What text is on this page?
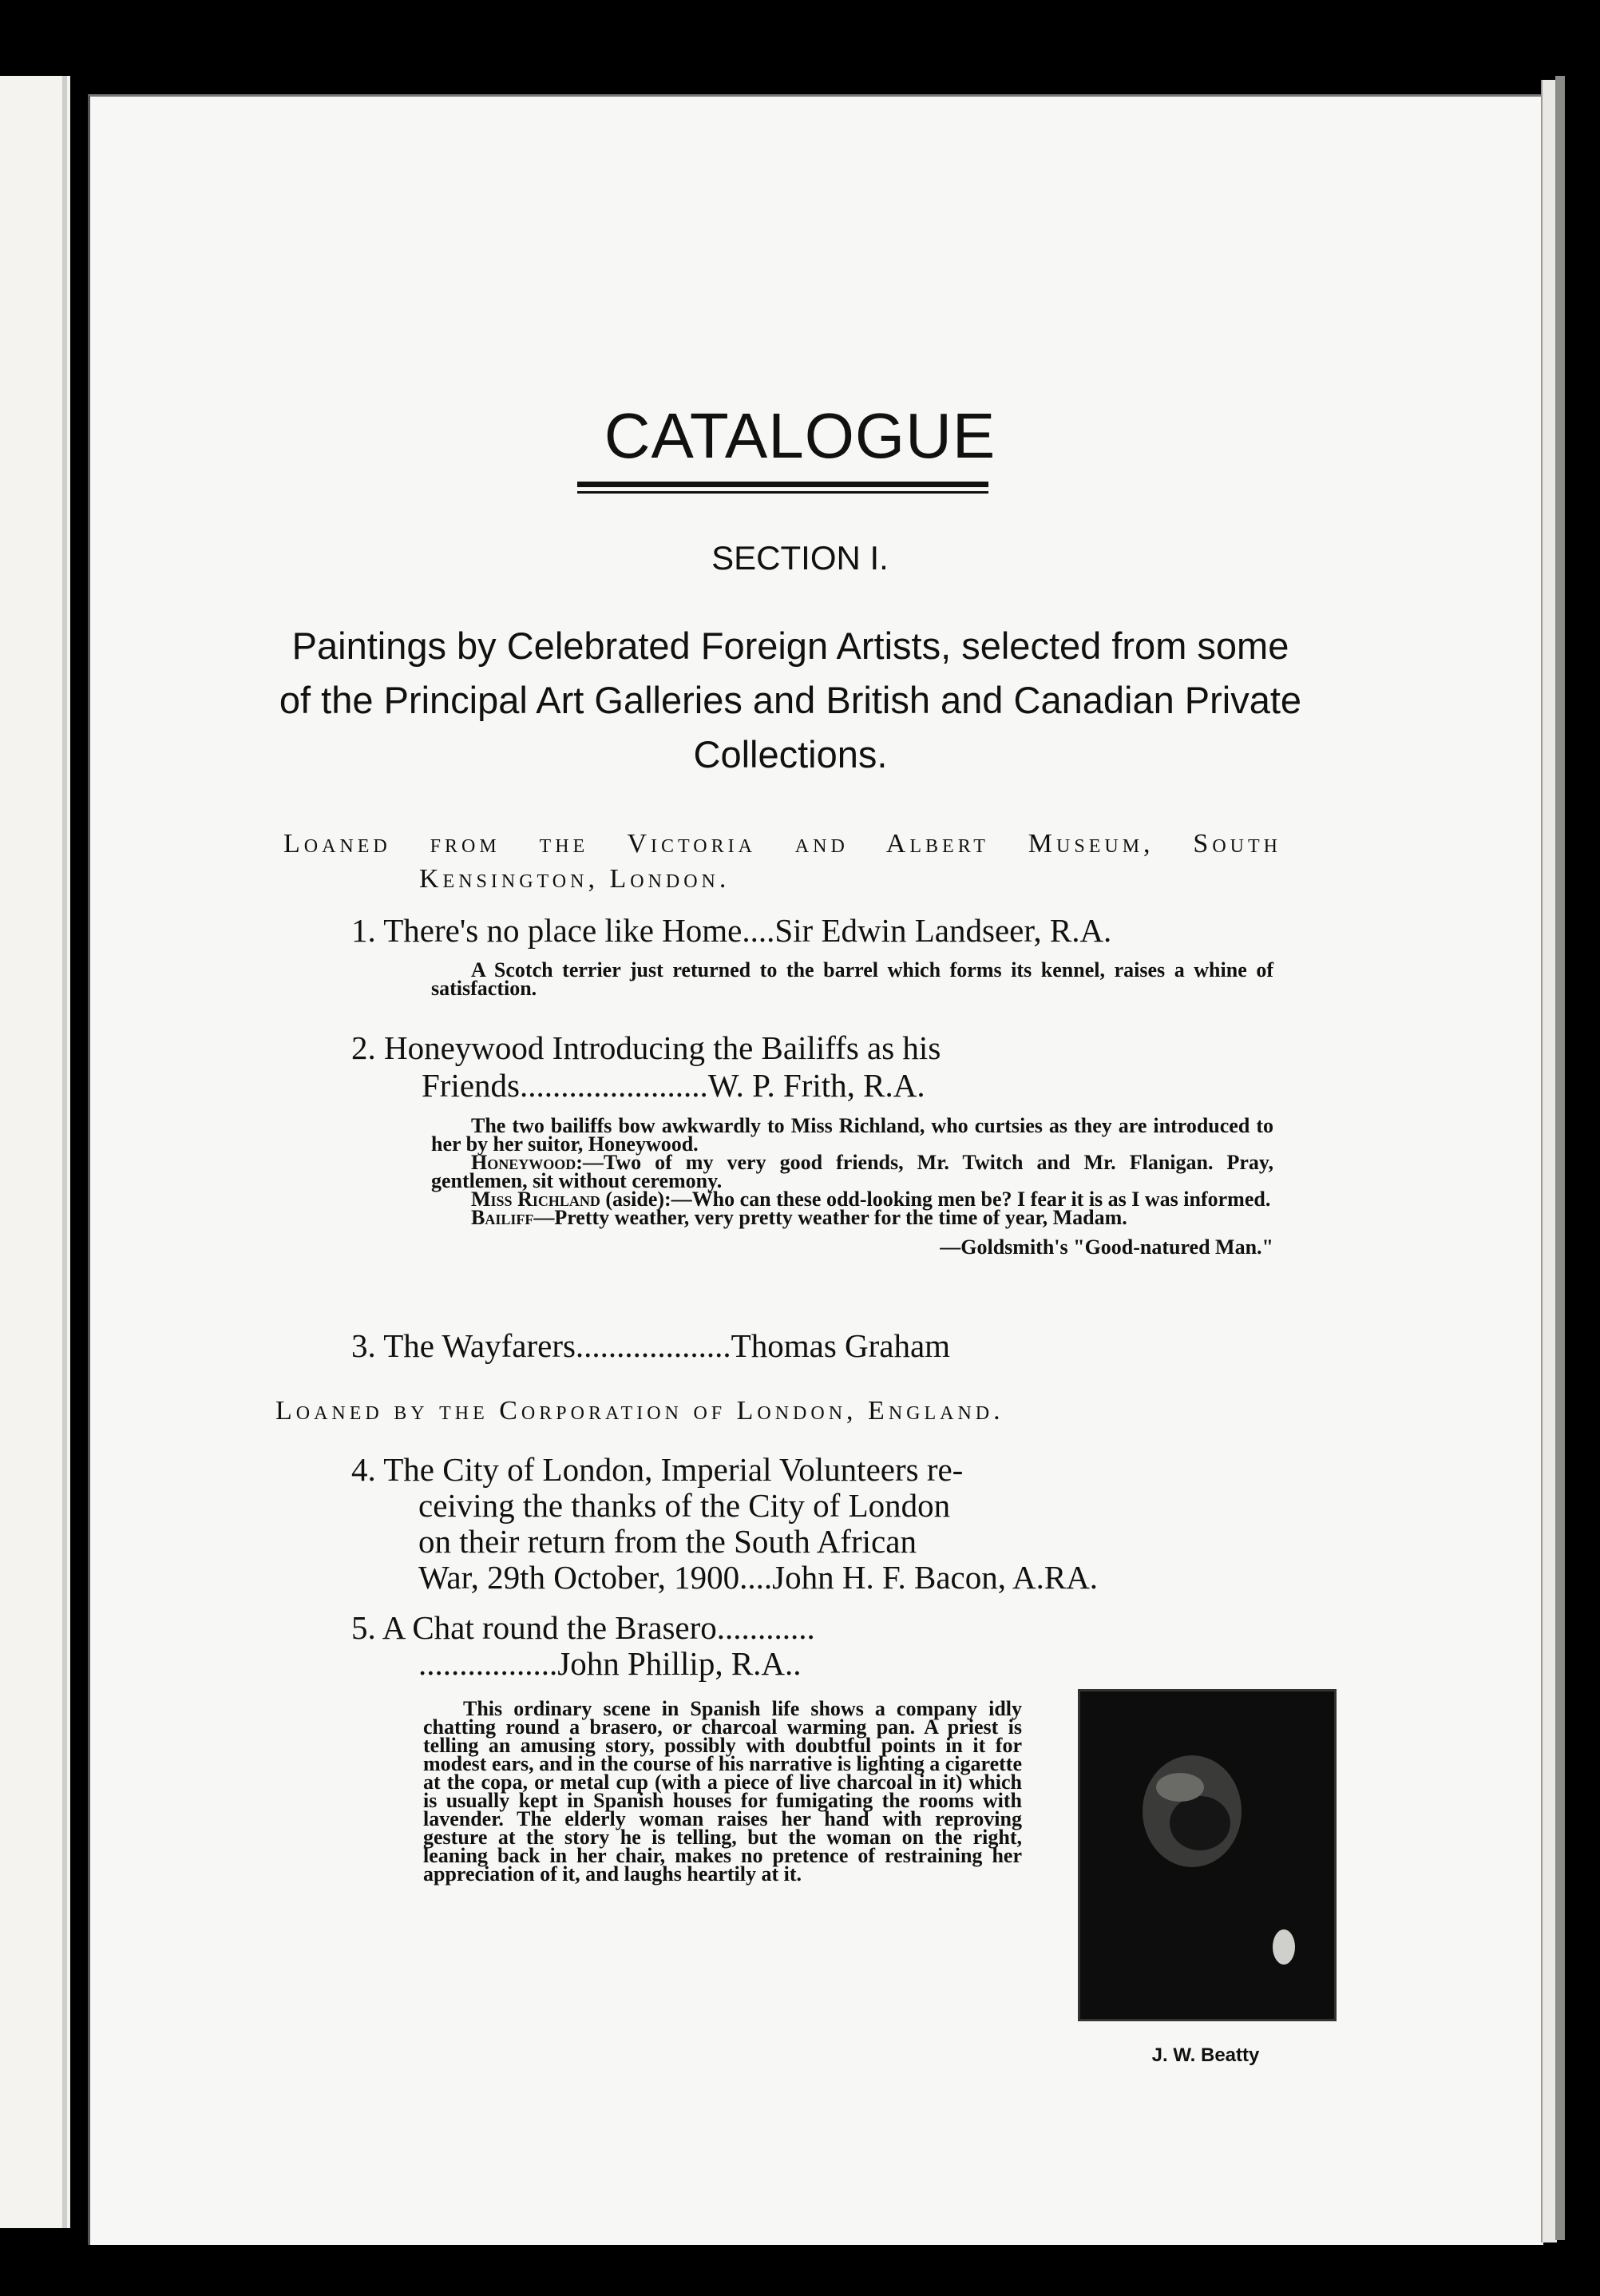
CATALOGUE
SECTION I.
Paintings by Celebrated Foreign Artists, selected from some of the Principal Art Galleries and British and Canadian Private Collections.
Loaned from the Victoria and Albert Museum, South
Kensington, London.
1. There's no place like Home....Sir Edwin Landseer, R.A.

A Scotch terrier just returned to the barrel which forms its kennel, raises a whine of satisfaction.

2. Honeywood Introducing the Bailiffs as his
Friends.......................W. P. Frith, R.A.

The two bailiffs bow awkwardly to Miss Richland, who curtsies as they are introduced to her by her suitor, Honeywood.

Honeywood:—Two of my very good friends, Mr. Twitch and Mr. Flanigan. Pray, gentlemen, sit without ceremony.

Miss Richland (aside):—Who can these odd-looking men be? I fear it is as I was informed.

Bailiff—Pretty weather, very pretty weather for the time of year, Madam.

—Goldsmith's "Good-natured Man."
3. The Wayfarers...................Thomas Graham
Loaned by the Corporation of London, England.
4. The City of London, Imperial Volunteers re-
ceiving the thanks of the City of London
on their return from the South African
War, 29th October, 1900....John H. F. Bacon, A.RA.
5. A Chat round the Brasero............
.................John Phillip, R.A..

This ordinary scene in Spanish life shows a company idly chatting round a brasero, or charcoal warming pan. A priest is telling an amusing story, possibly with doubtful points in it for modest ears, and in the course of his narrative is lighting a cigarette at the copa, or metal cup (with a piece of live charcoal in it) which is usually kept in Spanish houses for fumigating the rooms with lavender. The elderly woman raises her hand with reproving gesture at the story he is telling, but the woman on the right, leaning back in her chair, makes no pretence of restraining her appreciation of it, and laughs heartily at it.

J. W. Beatty
